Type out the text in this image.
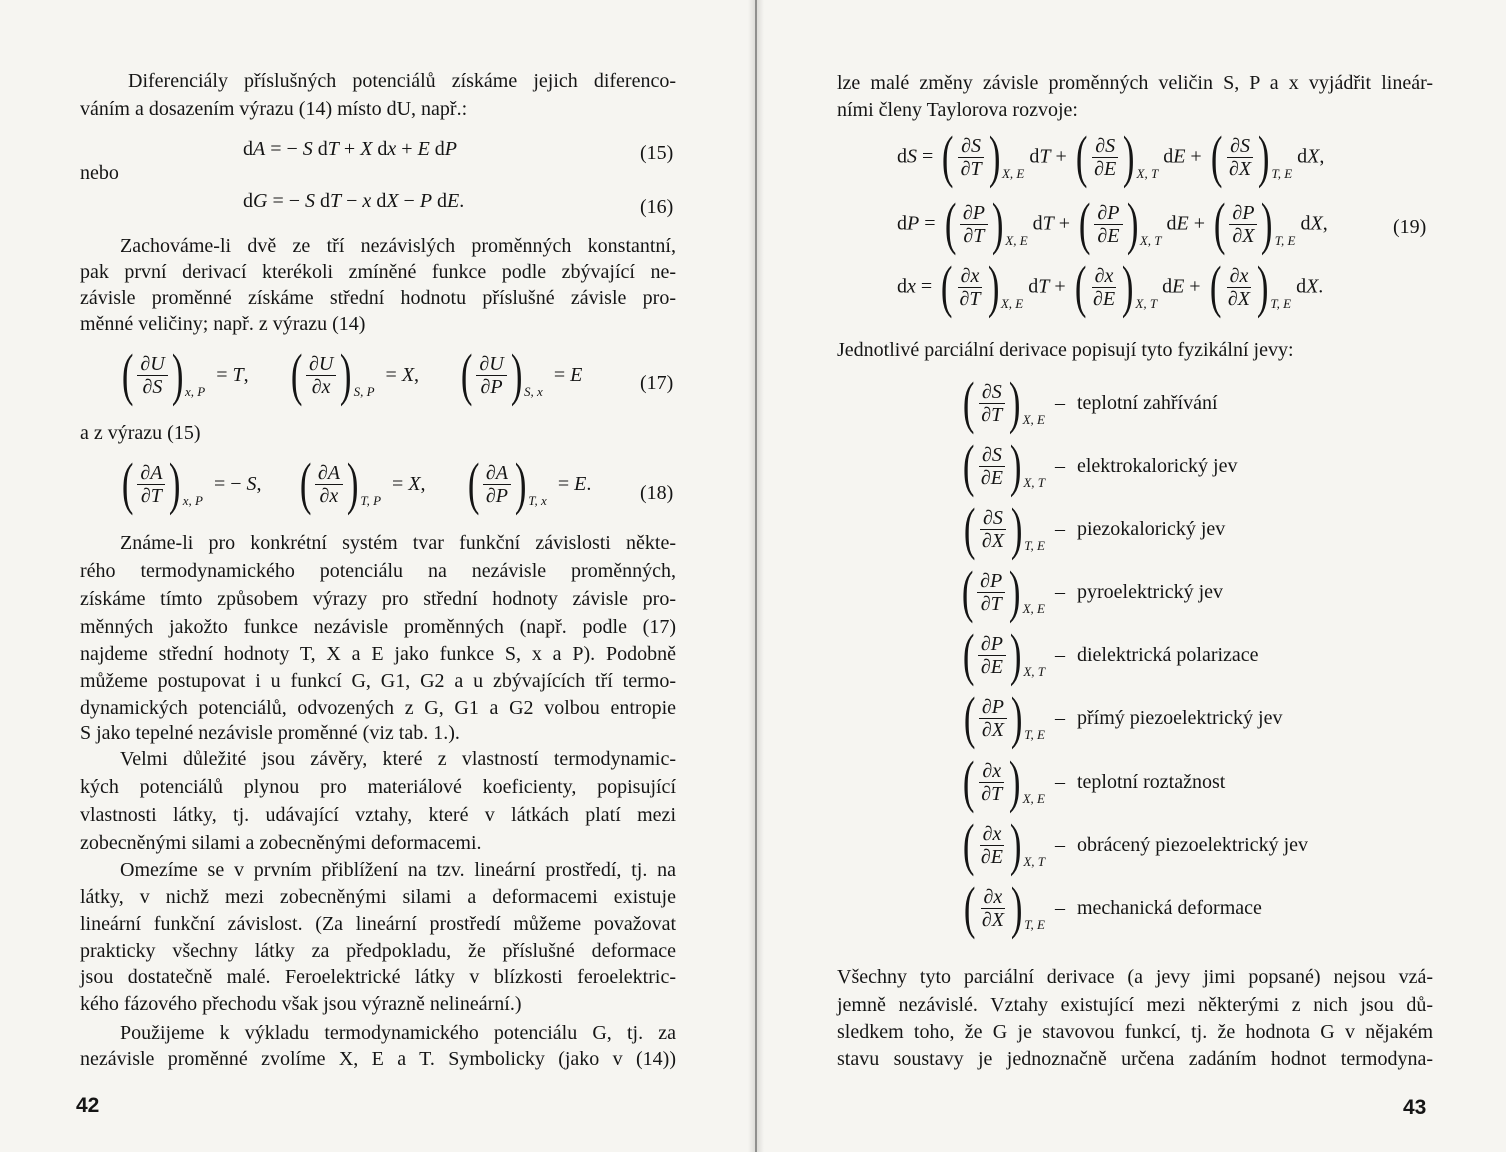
Diferenciály příslušných potenciálů získáme jejich diferenco-
váním a dosazením výrazu (14) místo dU, např.:
dA = − S dT + X dx + E dP	(15)
nebo
dG = − S dT − x dX − P dE.	(16)
Zachováme-li dvě ze tří nezávislých proměnných konstantní,
pak první derivací kterékoli zmíněné funkce podle zbývající ne-
závisle proměnné získáme střední hodnotu příslušné závisle pro-
měnné veličiny; např. z výrazu (14)
( $\frac{\partial U}{\partial S}$ ) x, P
= T, ( $\frac{\partial U}{\partial x}$ ) S, P
= X, ( $\frac{\partial U}{\partial P}$ ) S, x
= E	(17)
a z výrazu (15)
( $\frac{\partial A}{\partial T}$ ) x, P
= − S, ( $\frac{\partial A}{\partial x}$ ) T, P
= X, ( $\frac{\partial A}{\partial P}$ ) T, x
= E.	(18)
Známe-li pro konkrétní systém tvar funkční závislosti někte-
rého termodynamického potenciálu na nezávisle proměnných,
získáme tímto způsobem výrazy pro střední hodnoty závisle pro-
měnných jakožto funkce nezávisle proměnných (např. podle (17)
najdeme střední hodnoty T, X a E jako funkce S, x a P). Podobně
můžeme postupovat i u funkcí G, G1, G2 a u zbývajících tří termo-
dynamických potenciálů, odvozených z G, G1 a G2 volbou entropie
S jako tepelné nezávisle proměnné (viz tab. 1.).
Velmi důležité jsou závěry, které z vlastností termodynamic-
kých potenciálů plynou pro materiálové koeficienty, popisující
vlastnosti látky, tj. udávající vztahy, které v látkách platí mezi
zobecněnými silami a zobecněnými deformacemi.
Omezíme se v prvním přiblížení na tzv. lineární prostředí, tj. na
látky, v nichž mezi zobecněnými silami a deformacemi existuje
lineární funkční závislost. (Za lineární prostředí můžeme považovat
prakticky všechny látky za předpokladu, že příslušné deformace
jsou dostatečně malé. Feroelektrické látky v blízkosti feroelektric-
kého fázového přechodu však jsou výrazně nelineární.)
Použijeme k výkladu termodynamického potenciálu G, tj. za
nezávisle proměnné zvolíme X, E a T. Symbolicky (jako v (14))
42
lze malé změny závisle proměnných veličin S, P a x vyjádřit lineár-
ními členy Taylorova rozvoje:
dS = ( $\frac{\partial S}{\partial T}$ ) X, E
dT + ( $\frac{\partial S}{\partial E}$ ) X, T
dE + ( $\frac{\partial S}{\partial X}$ ) T, E
dX,
dP = ( $\frac{\partial P}{\partial T}$ ) X, E
dT + ( $\frac{\partial P}{\partial E}$ ) X, T
dE + ( $\frac{\partial P}{\partial X}$ ) T, E
dX,
dx = ( $\frac{\partial x}{\partial T}$ ) X, E
dT + ( $\frac{\partial x}{\partial E}$ ) X, T
dE + ( $\frac{\partial x}{\partial X}$ ) T, E
dX.
(19)
Jednotlivé parciální derivace popisují tyto fyzikální jevy:
( $\frac{\partial S}{\partial T}$ ) X, E
– teplotní zahřívání
( $\frac{\partial S}{\partial E}$ ) X, T
– elektrokalorický jev
( $\frac{\partial S}{\partial X}$ ) T, E
– piezokalorický jev
( $\frac{\partial P}{\partial T}$ ) X, E
– pyroelektrický jev
( $\frac{\partial P}{\partial E}$ ) X, T
– dielektrická polarizace
( $\frac{\partial P}{\partial X}$ ) T, E
– přímý piezoelektrický jev
( $\frac{\partial x}{\partial T}$ ) X, E
– teplotní roztažnost
( $\frac{\partial x}{\partial E}$ ) X, T
– obrácený piezoelektrický jev
( $\frac{\partial x}{\partial X}$ ) T, E
– mechanická deformace
Všechny tyto parciální derivace (a jevy jimi popsané) nejsou vzá-
jemně nezávislé. Vztahy existující mezi některými z nich jsou dů-
sledkem toho, že G je stavovou funkcí, tj. že hodnota G v nějakém
stavu soustavy je jednoznačně určena zadáním hodnot termodyna-
43
